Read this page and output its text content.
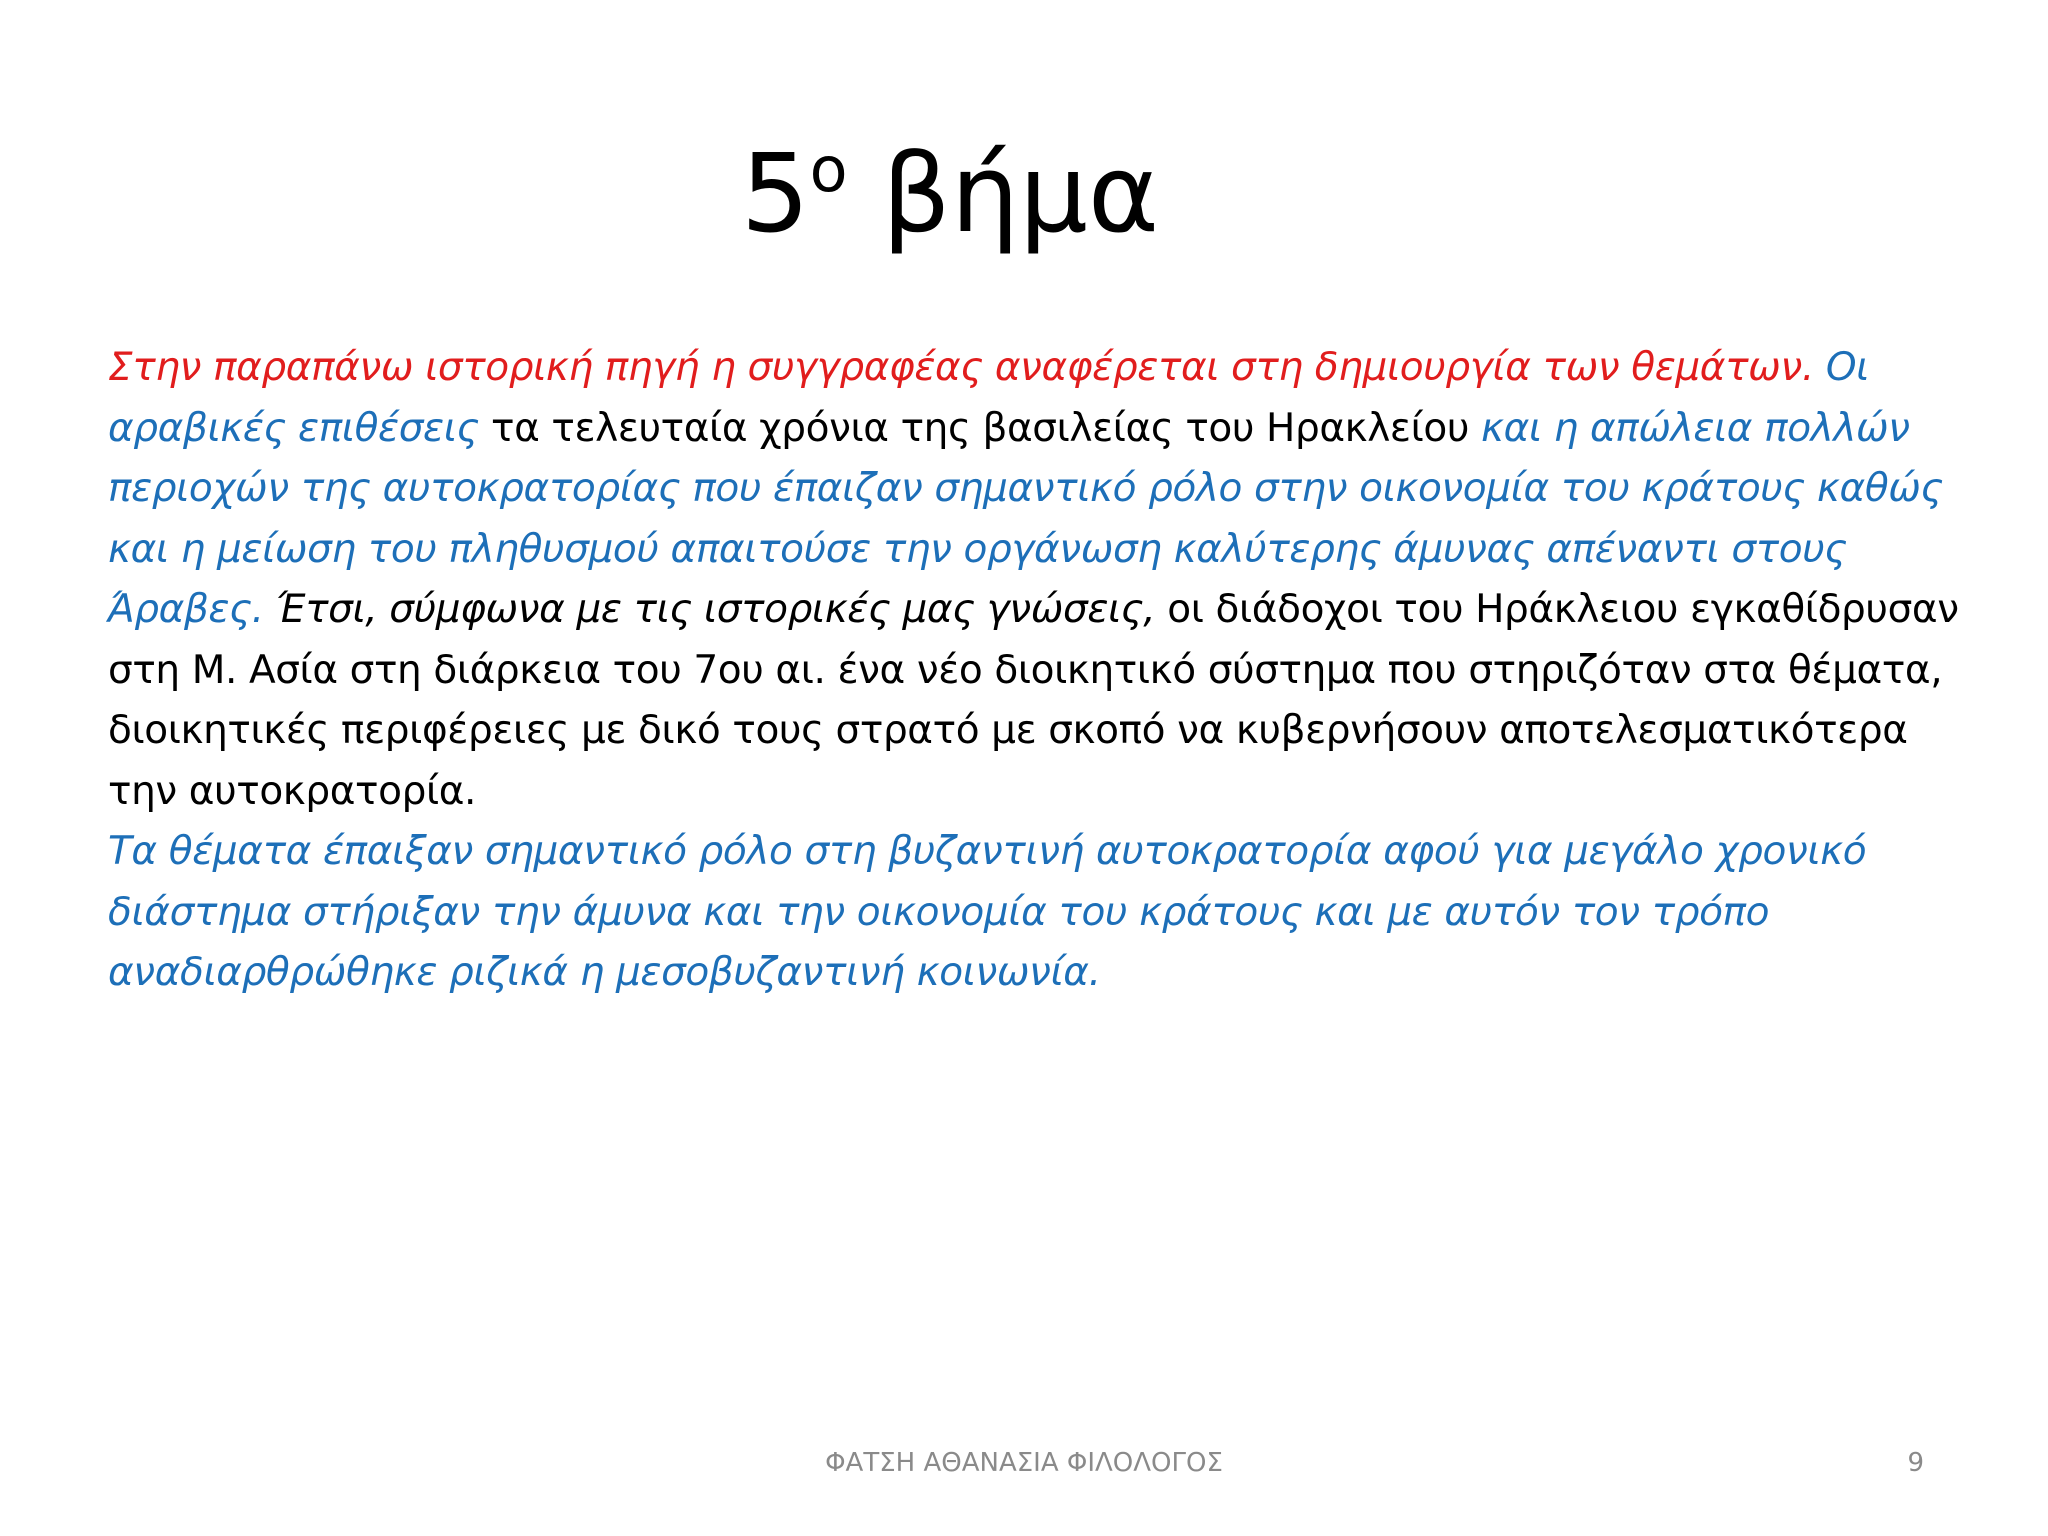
$5^o$ βήμα

Στην παραπάνω ιστορική πηγή η συγγραφέας αναφέρεται στη δημιουργία των θεμάτων. Οι αραβικές επιθέσεις τα τελευταία χρόνια της βασιλείας του Ηρακλείου και η απώλεια πολλών περιοχών της αυτοκρατορίας που έπαιζαν σημαντικό ρόλο στην οικονομία του κράτους καθώς και η μείωση του πληθυσμού απαιτούσε την οργάνωση καλύτερης άμυνας απέναντι στους Άραβες. Έτσι, σύμφωνα με τις ιστορικές μας γνώσεις, οι διάδοχοι του Ηράκλειου εγκαθίδρυσαν στη Μ. Ασία στη διάρκεια του 7ου αι. ένα νέο διοικητικό σύστημα που στηριζόταν στα θέματα, διοικητικές περιφέρειες με δικό τους στρατό με σκοπό να κυβερνήσουν αποτελεσματικότερα την αυτοκρατορία.

Τα θέματα έπαιξαν σημαντικό ρόλο στη βυζαντινή αυτοκρατορία αφού για μεγάλο χρονικό διάστημα στήριξαν την άμυνα και την οικονομία του κράτους και με αυτόν τον τρόπο αναδιαρθρώθηκε ριζικά η μεσοβυζαντινή κοινωνία.

ΦΑΤΣΗ ΑΘΑΝΑΣΙΑ ΦΙΛΟΛΟΓΟΣ	9
